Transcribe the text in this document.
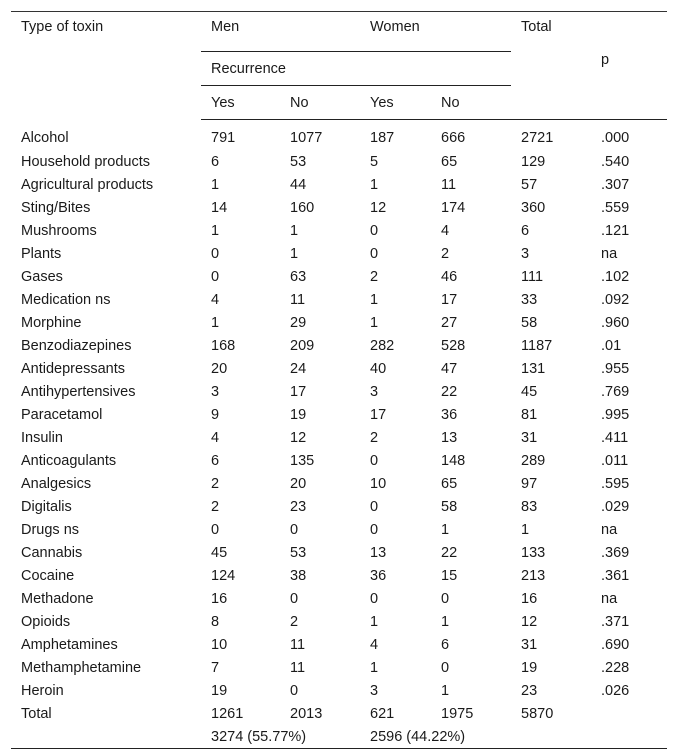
Type of toxin	Men		Women		Total	
	Recurrence					p
	Yes	No	Yes	No		
Alcohol	791	1077	187	666	2721	.000
Household products	6	53	5	65	129	.540
Agricultural products	1	44	1	11	57	.307
Sting/Bites	14	160	12	174	360	.559
Mushrooms	1	1	0	4	6	.121
Plants	0	1	0	2	3	na
Gases	0	63	2	46	111	.102
Medication ns	4	11	1	17	33	.092
Morphine	1	29	1	27	58	.960
Benzodiazepines	168	209	282	528	1187	.01
Antidepressants	20	24	40	47	131	.955
Antihypertensives	3	17	3	22	45	.769
Paracetamol	9	19	17	36	81	.995
Insulin	4	12	2	13	31	.411
Anticoagulants	6	135	0	148	289	.011
Analgesics	2	20	10	65	97	.595
Digitalis	2	23	0	58	83	.029
Drugs ns	0	0	0	1	1	na
Cannabis	45	53	13	22	133	.369
Cocaine	124	38	36	15	213	.361
Methadone	16	0	0	0	16	na
Opioids	8	2	1	1	12	.371
Amphetamines	10	11	4	6	31	.690
Methamphetamine	7	11	1	0	19	.228
Heroin	19	0	3	1	23	.026
Total	1261	2013	621	1975	5870	
	3274 (55.77%)		2596 (44.22%)			
